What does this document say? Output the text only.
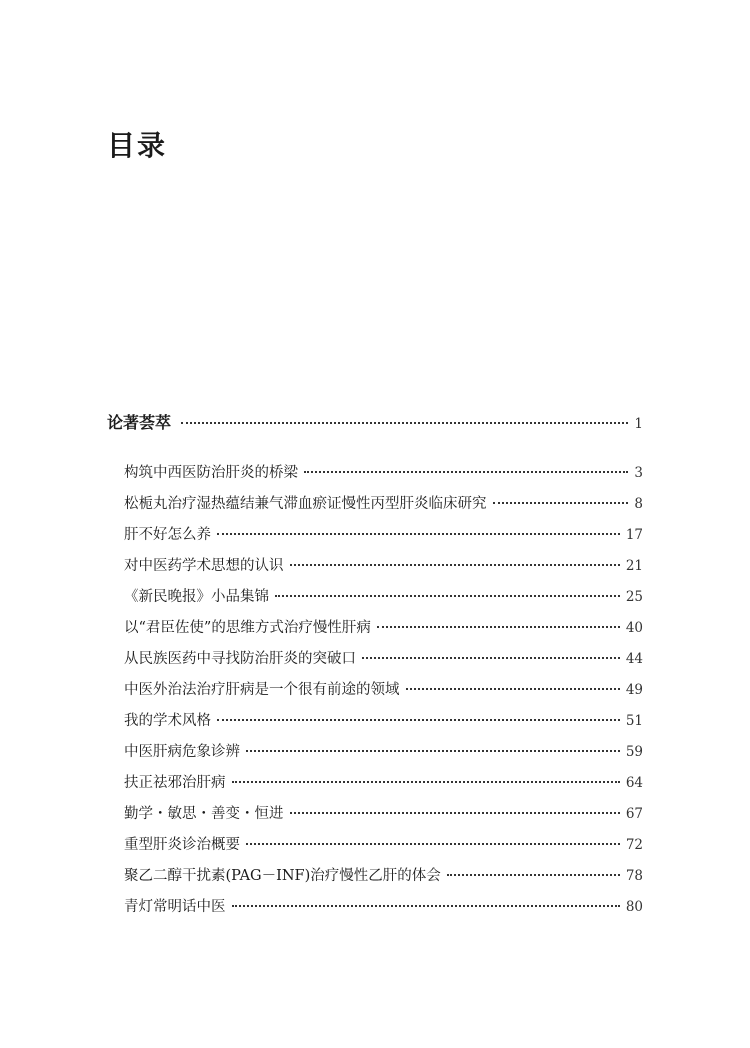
目录
论著荟萃	1
构筑中西医防治肝炎的桥梁	3
松栀丸治疗湿热蕴结兼气滞血瘀证慢性丙型肝炎临床研究	8
肝不好怎么养	17
对中医药学术思想的认识	21
《新民晚报》小品集锦	25
以“君臣佐使”的思维方式治疗慢性肝病	40
从民族医药中寻找防治肝炎的突破口	44
中医外治法治疗肝病是一个很有前途的领域	49
我的学术风格	51
中医肝病危象诊辨	59
扶正祛邪治肝病	64
勤学・敏思・善变・恒进	67
重型肝炎诊治概要	72
聚乙二醇干扰素(PAG－INF)治疗慢性乙肝的体会	78
青灯常明话中医	80
